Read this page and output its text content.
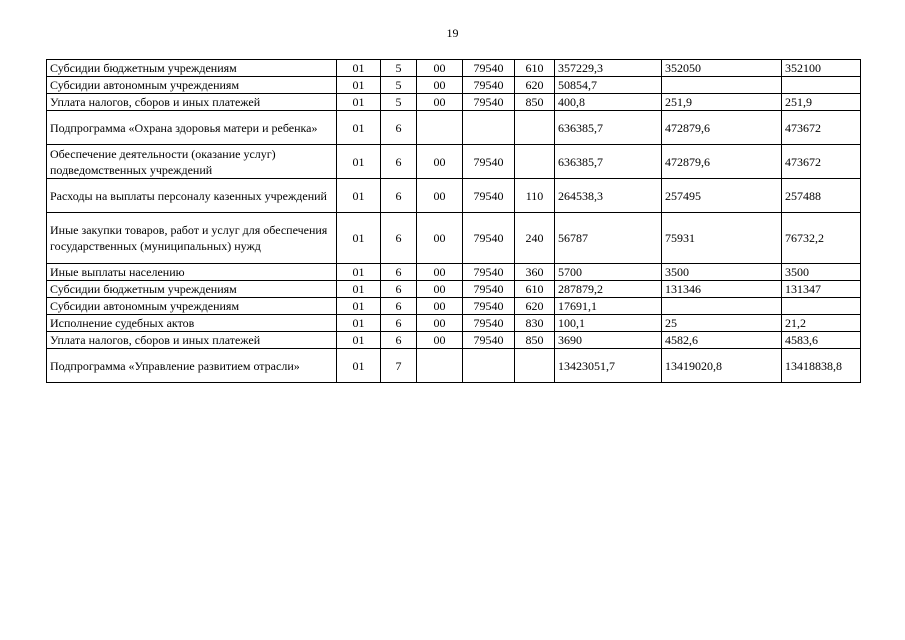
19
Субсидии бюджетным учреждениям	01	5	00	79540	610	357229,3	352050	352100
Субсидии автономным учреждениям	01	5	00	79540	620	50854,7		
Уплата налогов, сборов и иных платежей	01	5	00	79540	850	400,8	251,9	251,9
Подпрограмма «Охрана здоровья матери и ребенка»	01	6				636385,7	472879,6	473672
Обеспечение деятельности (оказание услуг) подведомственных учреждений	01	6	00	79540		636385,7	472879,6	473672
Расходы на выплаты персоналу казенных учреждений	01	6	00	79540	110	264538,3	257495	257488
Иные закупки товаров, работ и услуг для обеспечения государственных (муниципальных) нужд	01	6	00	79540	240	56787	75931	76732,2
Иные выплаты населению	01	6	00	79540	360	5700	3500	3500
Субсидии бюджетным учреждениям	01	6	00	79540	610	287879,2	131346	131347
Субсидии автономным учреждениям	01	6	00	79540	620	17691,1		
Исполнение судебных актов	01	6	00	79540	830	100,1	25	21,2
Уплата налогов, сборов и иных платежей	01	6	00	79540	850	3690	4582,6	4583,6
Подпрограмма «Управление развитием отрасли»	01	7				13423051,7	13419020,8	13418838,8
